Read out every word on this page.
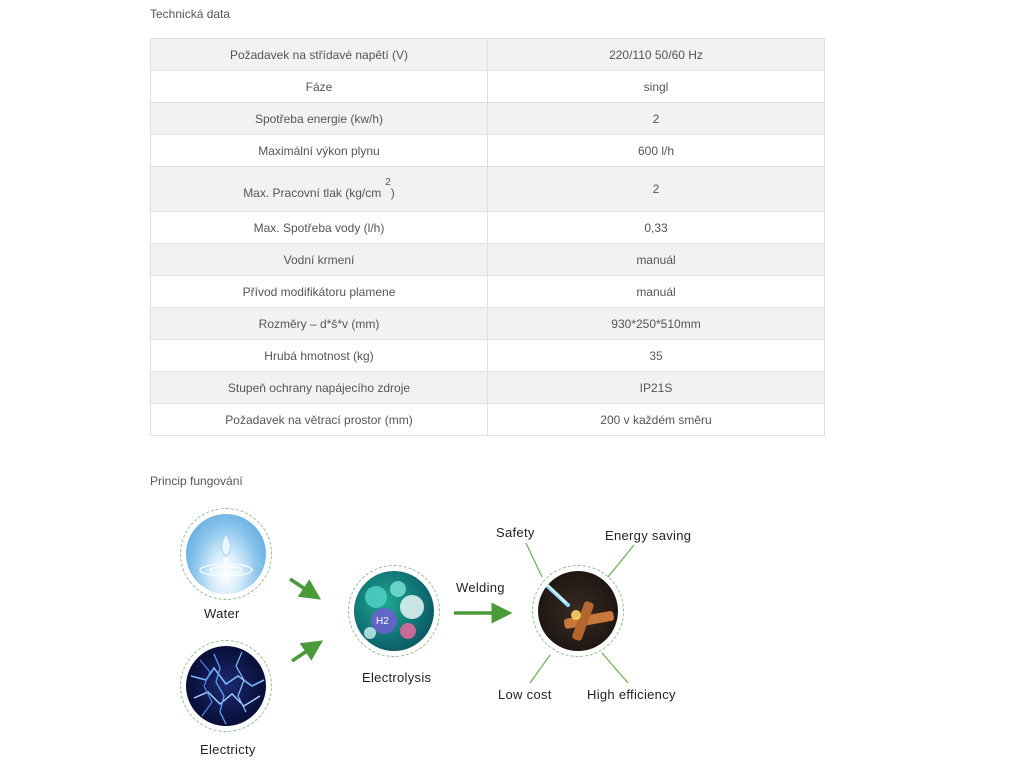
Technická data
Požadavek na střídavé napětí (V)	220/110 50/60 Hz
Fáze	singl
Spotřeba energie (kw/h)	2
Maximální výkon plynu	600 l/h
Max. Pracovní tlak $(kg/cm^2)$	2
Max. Spotřeba vody (l/h)	0,33
Vodní krmení	manuál
Přívod modifikátoru plamene	manuál
Rozměry – d*š*v (mm)	930*250*510mm
Hrubá hmotnost (kg)	35
Stupeň ochrany napájecího zdroje	IP21S
Požadavek na větrací prostor (mm)	200 v každém směru
Princip fungování
Water
Electricty
H2
Electrolysis
Welding
Safety	Energy saving
Low cost	High efficiency
